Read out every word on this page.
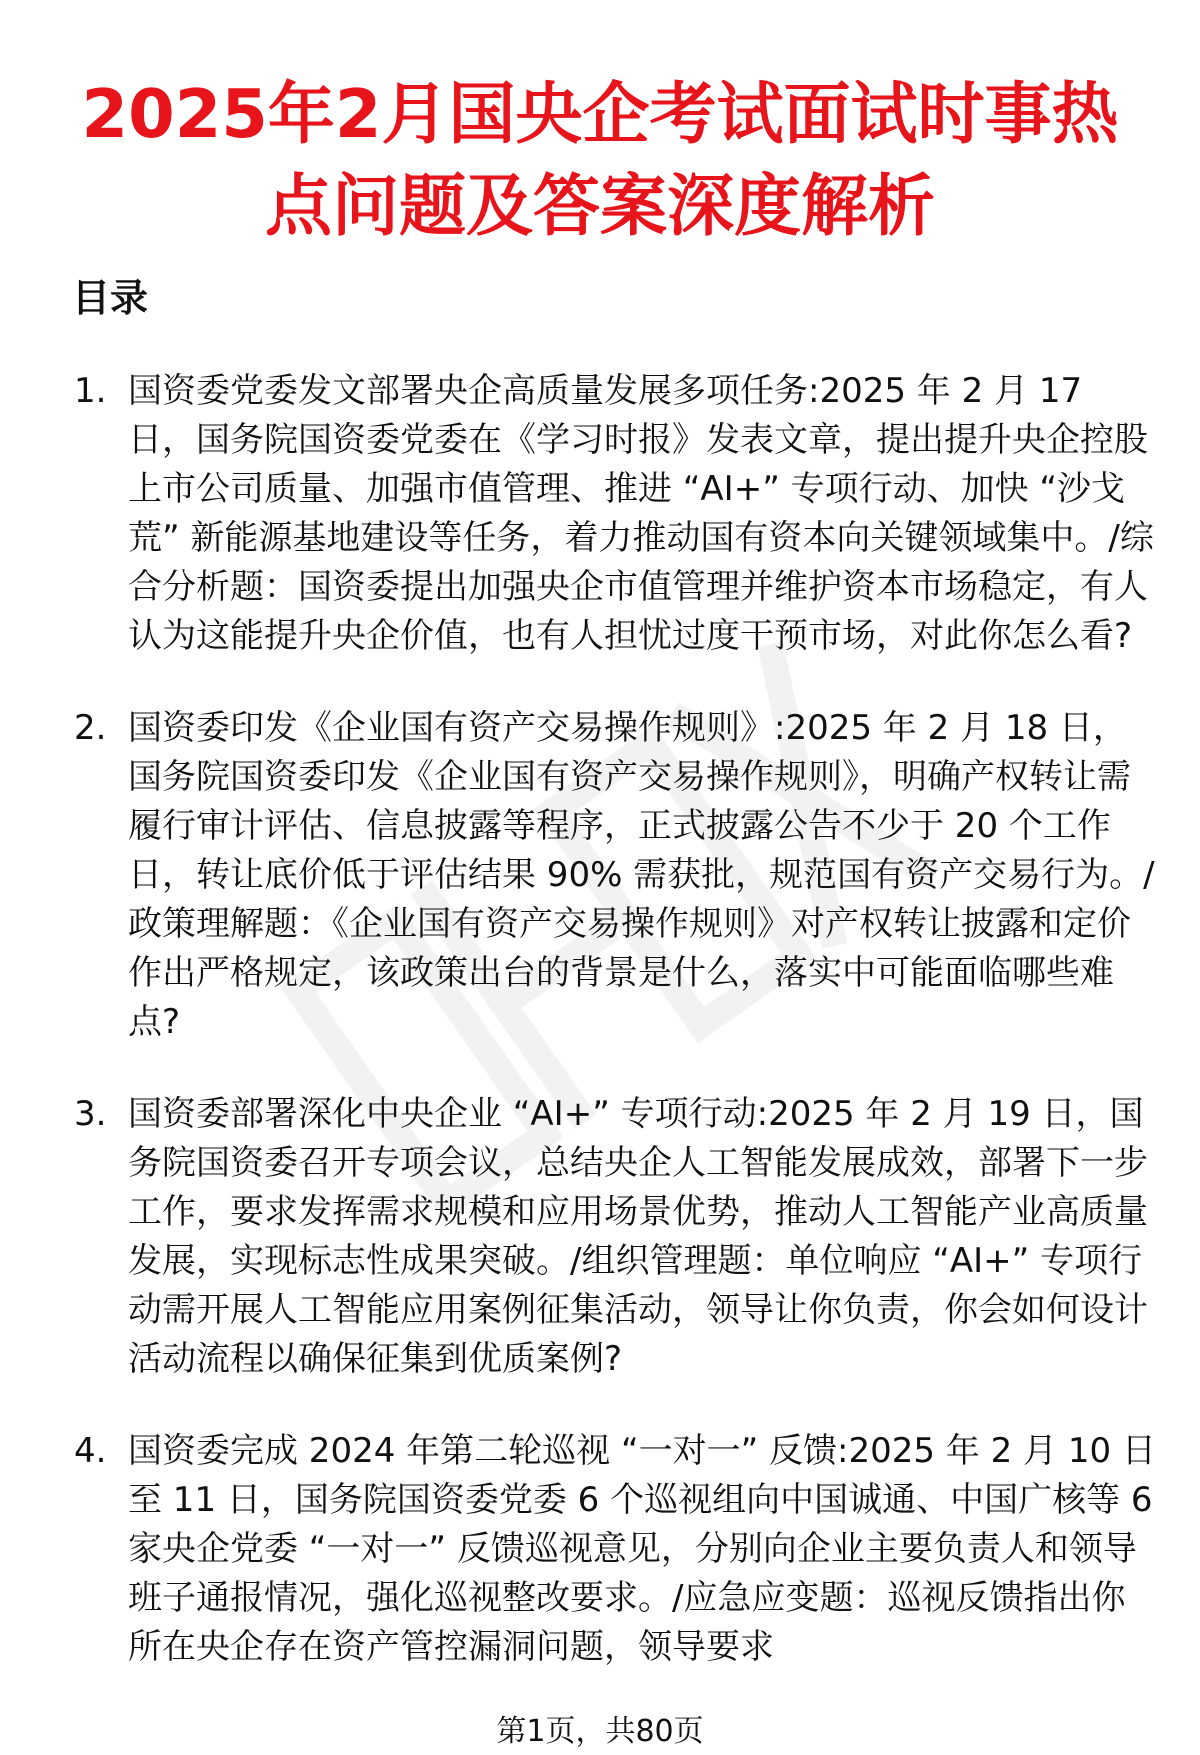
2025年2月国央企考试面试时事热点问题及答案深度解析
目录
1. 国资委党委发文部署央企高质量发展多项任务:2025 年 2 月 17 日，国务院国资委党委在《学习时报》发表文章，提出提升央企控股上市公司质量、加强市值管理、推进 “AI+” 专项行动、加快 “沙戈荒” 新能源基地建设等任务，着力推动国有资本向关键领域集中。/综合分析题：国资委提出加强央企市值管理并维护资本市场稳定，有人认为这能提升央企价值，也有人担忧过度干预市场，对此你怎么看?
2. 国资委印发《企业国有资产交易操作规则》:2025 年 2 月 18 日，国务院国资委印发《企业国有资产交易操作规则》，明确产权转让需履行审计评估、信息披露等程序，正式披露公告不少于 20 个工作日，转让底价低于评估结果 90% 需获批，规范国有资产交易行为。/政策理解题：《企业国有资产交易操作规则》对产权转让披露和定价作出严格规定，该政策出台的背景是什么，落实中可能面临哪些难点?
3. 国资委部署深化中央企业 “AI+” 专项行动:2025 年 2 月 19 日，国务院国资委召开专项会议，总结央企人工智能发展成效，部署下一步工作，要求发挥需求规模和应用场景优势，推动人工智能产业高质量发展，实现标志性成果突破。/组织管理题：单位响应 “AI+” 专项行动需开展人工智能应用案例征集活动，领导让你负责，你会如何设计活动流程以确保征集到优质案例?
4. 国资委完成 2024 年第二轮巡视 “一对一” 反馈:2025 年 2 月 10 日至 11 日，国务院国资委党委 6 个巡视组向中国诚通、中国广核等 6 家央企党委 “一对一” 反馈巡视意见，分别向企业主要负责人和领导班子通报情况，强化巡视整改要求。/应急应变题：巡视反馈指出你所在央企存在资产管控漏洞问题，领导要求
第1页，共80页
